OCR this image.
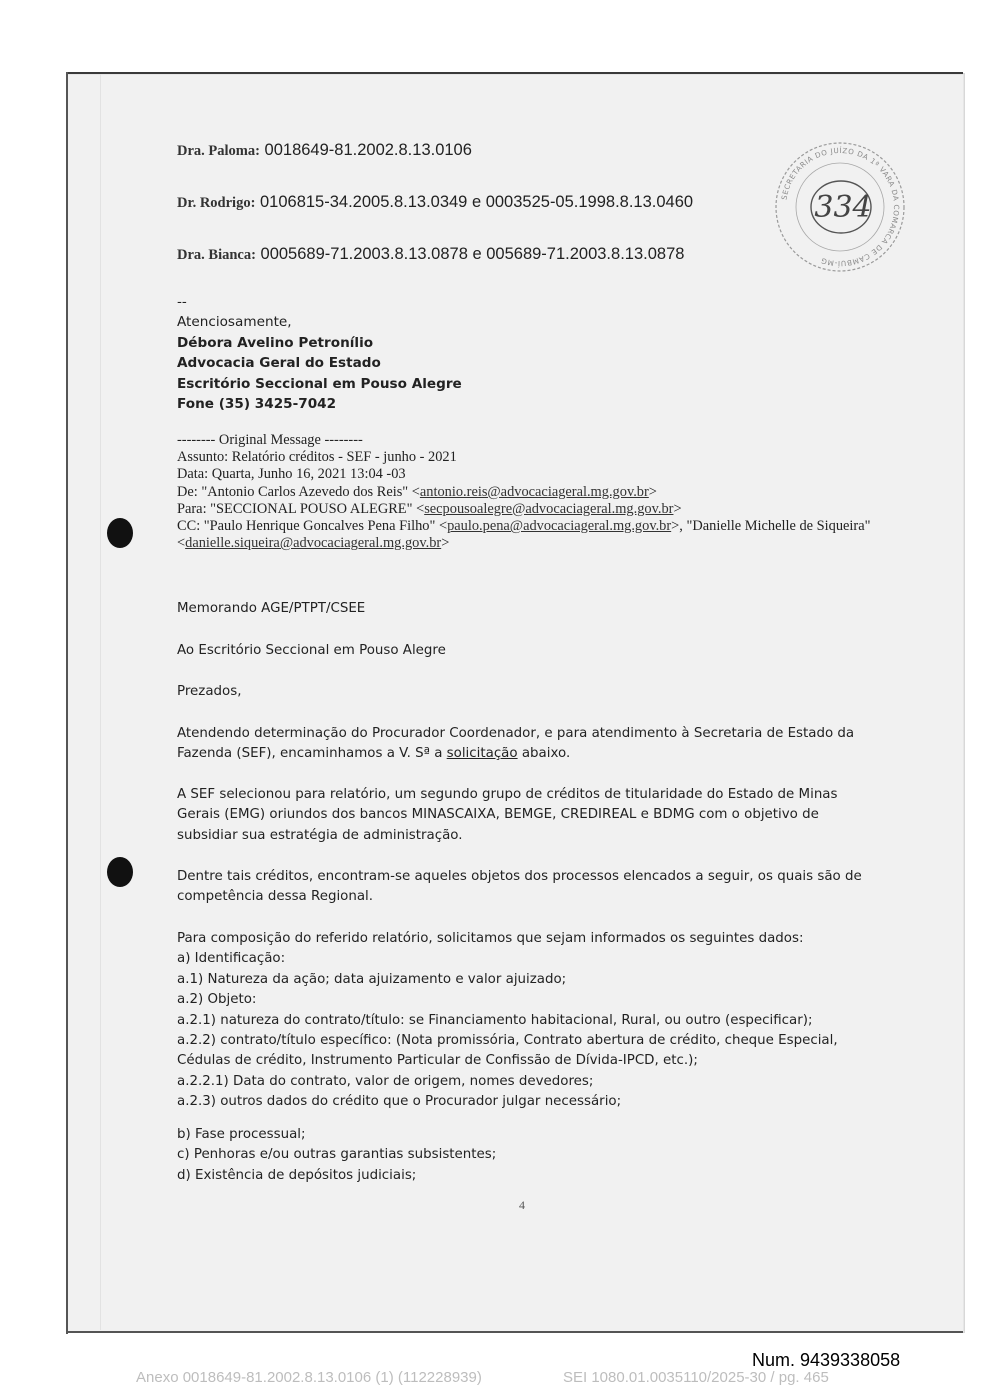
Dra. Paloma: 0018649-81.2002.8.13.0106
Dr. Rodrigo: 0106815-34.2005.8.13.0349 e 0003525-05.1998.8.13.0460
Dra. Bianca: 0005689-71.2003.8.13.0878 e 005689-71.2003.8.13.0878
SECRETARIA DO JUÍZO DA 1ª VARA DA COMARCA DE CAMBUÍ-MG
334
--
Atenciosamente,
Débora Avelino Petronílio
Advocacia Geral do Estado
Escritório Seccional em Pouso Alegre
Fone (35) 3425-7042
-------- Original Message --------
Assunto: Relatório créditos - SEF - junho - 2021
Data: Quarta, Junho 16, 2021 13:04 -03
De: "Antonio Carlos Azevedo dos Reis" <antonio.reis@advocaciageral.mg.gov.br>
Para: "SECCIONAL POUSO ALEGRE" <secpousoalegre@advocaciageral.mg.gov.br>
CC: "Paulo Henrique Goncalves Pena Filho" <paulo.pena@advocaciageral.mg.gov.br>, "Danielle Michelle de Siqueira" <danielle.siqueira@advocaciageral.mg.gov.br>
Memorando AGE/PTPT/CSEE
Ao Escritório Seccional em Pouso Alegre
Prezados,
Atendendo determinação do Procurador Coordenador, e para atendimento à Secretaria de Estado da Fazenda (SEF), encaminhamos a V. Sª a solicitação abaixo.
A SEF selecionou para relatório, um segundo grupo de créditos de titularidade do Estado de Minas Gerais (EMG) oriundos dos bancos MINASCAIXA, BEMGE, CREDIREAL e BDMG com o objetivo de subsidiar sua estratégia de administração.
Dentre tais créditos, encontram-se aqueles objetos dos processos elencados a seguir, os quais são de competência dessa Regional.

Para composição do referido relatório, solicitamos que sejam informados os seguintes dados:

a) Identificação:

a.1) Natureza da ação; data ajuizamento e valor ajuizado;

a.2) Objeto:

a.2.1) natureza do contrato/título: se Financiamento habitacional, Rural, ou outro (especificar);

a.2.2) contrato/título específico: (Nota promissória, Contrato abertura de crédito, cheque Especial, Cédulas de crédito, Instrumento Particular de Confissão de Dívida-IPCD, etc.);

a.2.2.1) Data do contrato, valor de origem, nomes devedores;

a.2.3) outros dados do crédito que o Procurador julgar necessário;

b) Fase processual;

c) Penhoras e/ou outras garantias subsistentes;

d) Existência de depósitos judiciais;

4
Num. 9439338058
Anexo 0018649-81.2002.8.13.0106 (1) (112228939)	SEI 1080.01.0035110/2025-30 / pg. 465
